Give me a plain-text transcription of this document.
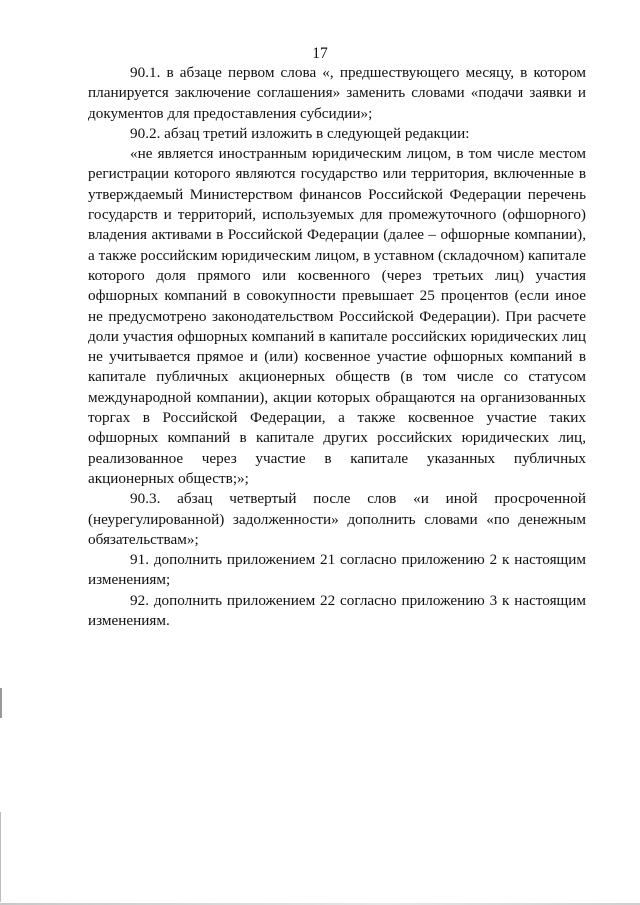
17

90.1. в абзаце первом слова «, предшествующего месяцу, в котором планируется заключение соглашения» заменить словами «подачи заявки и документов для предоставления субсидии»;

90.2. абзац третий изложить в следующей редакции:

«не является иностранным юридическим лицом, в том числе местом регистрации которого являются государство или территория, включенные в утверждаемый Министерством финансов Российской Федерации перечень государств и территорий, используемых для промежуточного (офшорного) владения активами в Российской Федерации (далее – офшорные компании), а также российским юридическим лицом, в уставном (складочном) капитале которого доля прямого или косвенного (через третьих лиц) участия офшорных компаний в совокупности превышает 25 процентов (если иное не предусмотрено законодательством Российской Федерации). При расчете доли участия офшорных компаний в капитале российских юридических лиц не учитывается прямое и (или) косвенное участие офшорных компаний в капитале публичных акционерных обществ (в том числе со статусом международной компании), акции которых обращаются на организованных торгах в Российской Федерации, а также косвенное участие таких офшорных компаний в капитале других российских юридических лиц, реализованное через участие в капитале указанных публичных акционерных обществ;»;

90.3. абзац четвертый после слов «и иной просроченной (неурегулированной) задолженности» дополнить словами «по денежным обязательствам»;

91. дополнить приложением 21 согласно приложению 2 к настоящим изменениям;

92. дополнить приложением 22 согласно приложению 3 к настоящим изменениям.
